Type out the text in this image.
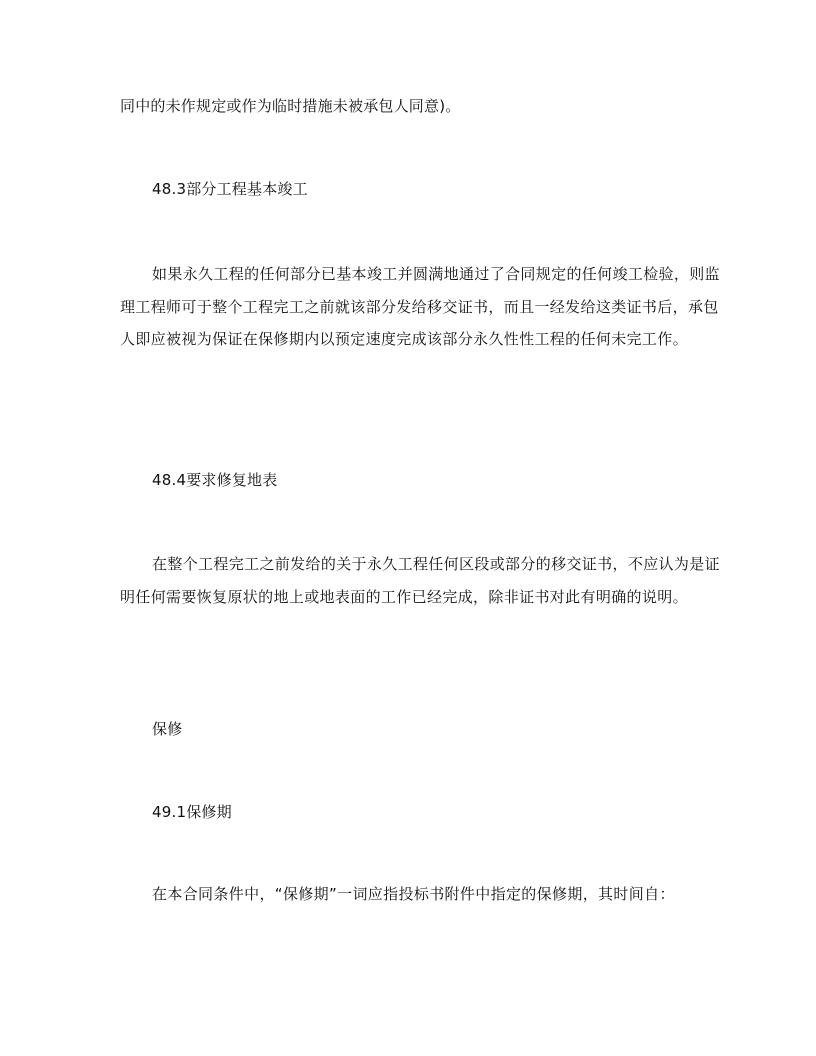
同中的未作规定或作为临时措施未被承包人同意)。
48.3部分工程基本竣工
如果永久工程的任何部分已基本竣工并圆满地通过了合同规定的任何竣工检验，则监理工程师可于整个工程完工之前就该部分发给移交证书，而且一经发给这类证书后，承包人即应被视为保证在保修期内以预定速度完成该部分永久性性工程的任何未完工作。
48.4要求修复地表
在整个工程完工之前发给的关于永久工程任何区段或部分的移交证书，不应认为是证明任何需要恢复原状的地上或地表面的工作已经完成，除非证书对此有明确的说明。
保修
49.1保修期
在本合同条件中，“保修期”一词应指投标书附件中指定的保修期，其时间自：
